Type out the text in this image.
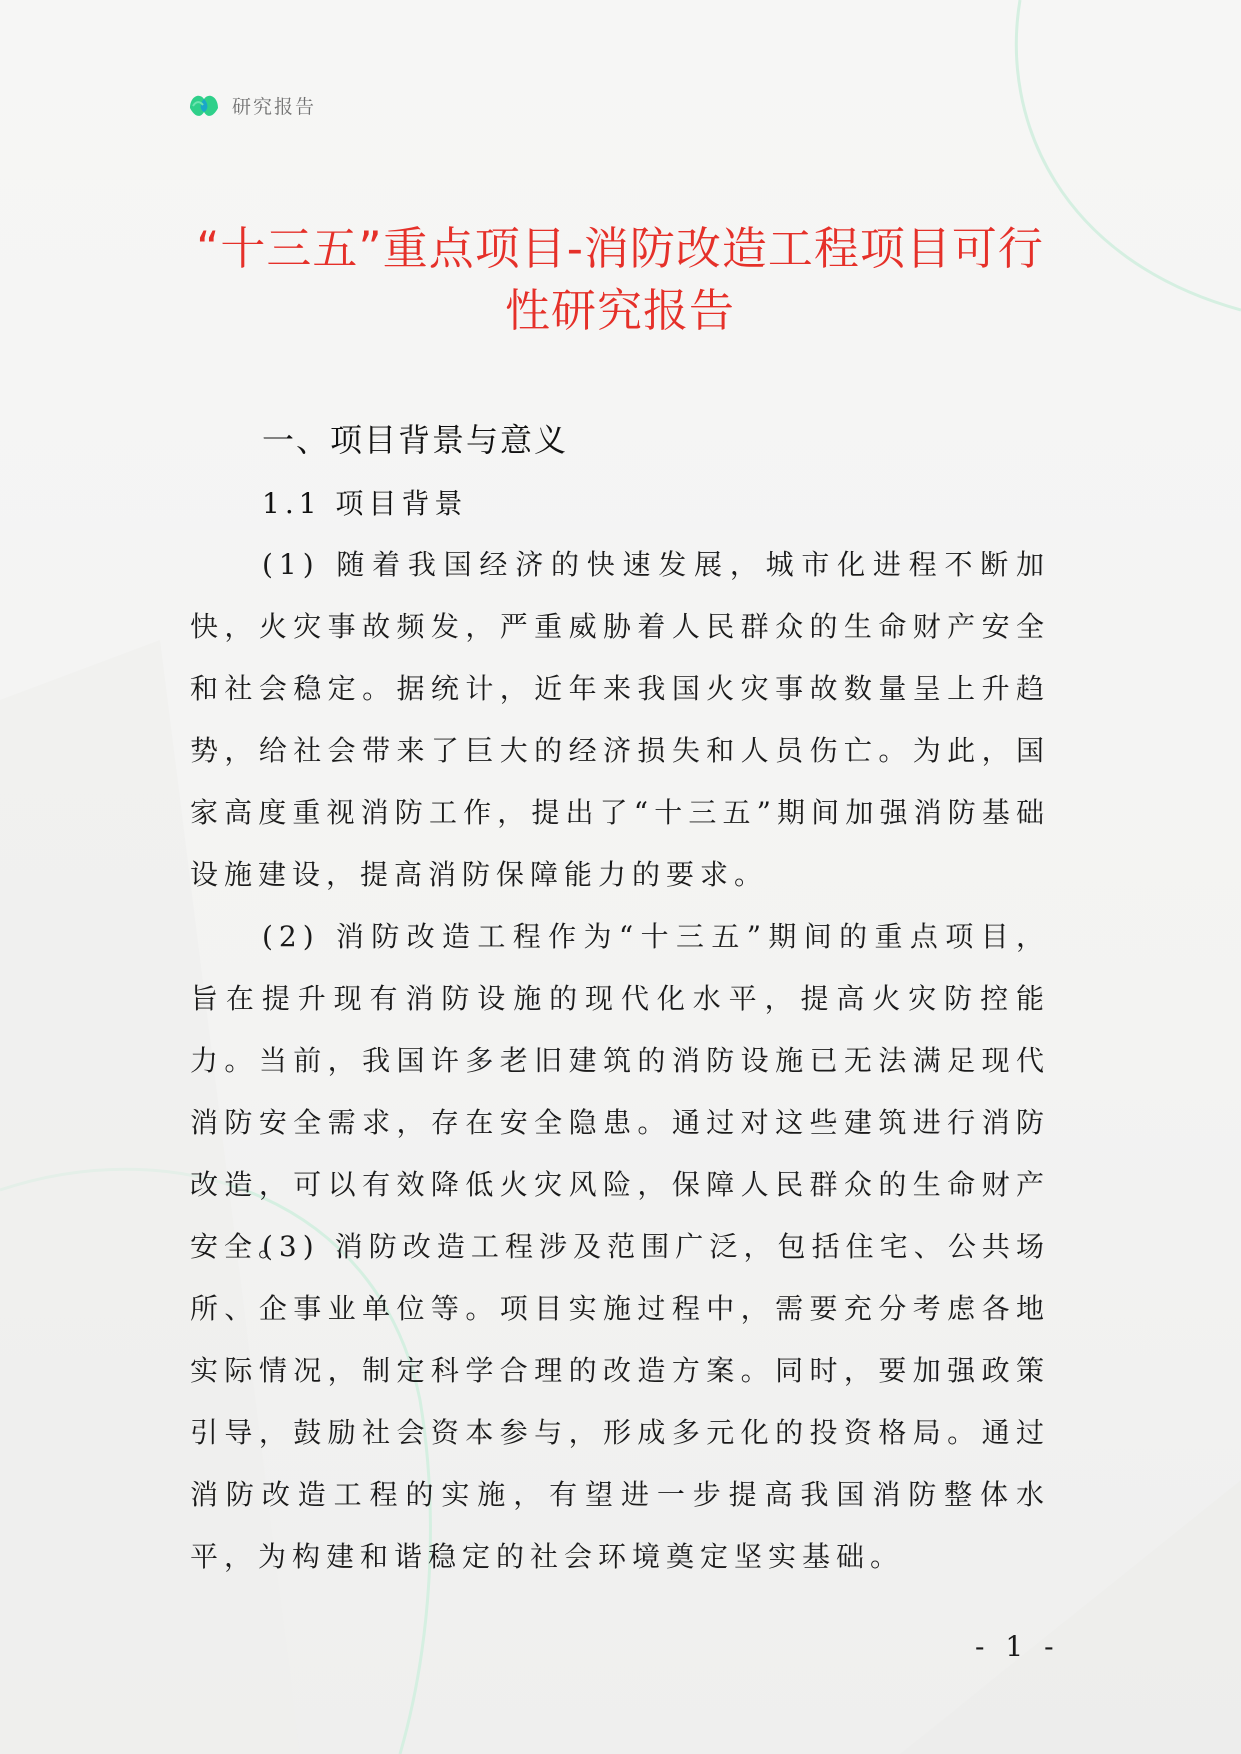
研究报告
“十三五”重点项目-消防改造工程项目可行性研究报告
一、项目背景与意义
1.1 项目背景

(1) 随着我国经济的快速发展，城市化进程不断加快，火灾事故频发，严重威胁着人民群众的生命财产安全和社会稳定。据统计，近年来我国火灾事故数量呈上升趋势，给社会带来了巨大的经济损失和人员伤亡。为此，国家高度重视消防工作，提出了“十三五”期间加强消防基础设施建设，提高消防保障能力的要求。

(2) 消防改造工程作为“十三五”期间的重点项目，旨在提升现有消防设施的现代化水平，提高火灾防控能力。当前，我国许多老旧建筑的消防设施已无法满足现代消防安全需求，存在安全隐患。通过对这些建筑进行消防改造，可以有效降低火灾风险，保障人民群众的生命财产安全。

(3) 消防改造工程涉及范围广泛，包括住宅、公共场所、企事业单位等。项目实施过程中，需要充分考虑各地实际情况，制定科学合理的改造方案。同时，要加强政策引导，鼓励社会资本参与，形成多元化的投资格局。通过消防改造工程的实施，有望进一步提高我国消防整体水平，为构建和谐稳定的社会环境奠定坚实基础。

- 1 -
